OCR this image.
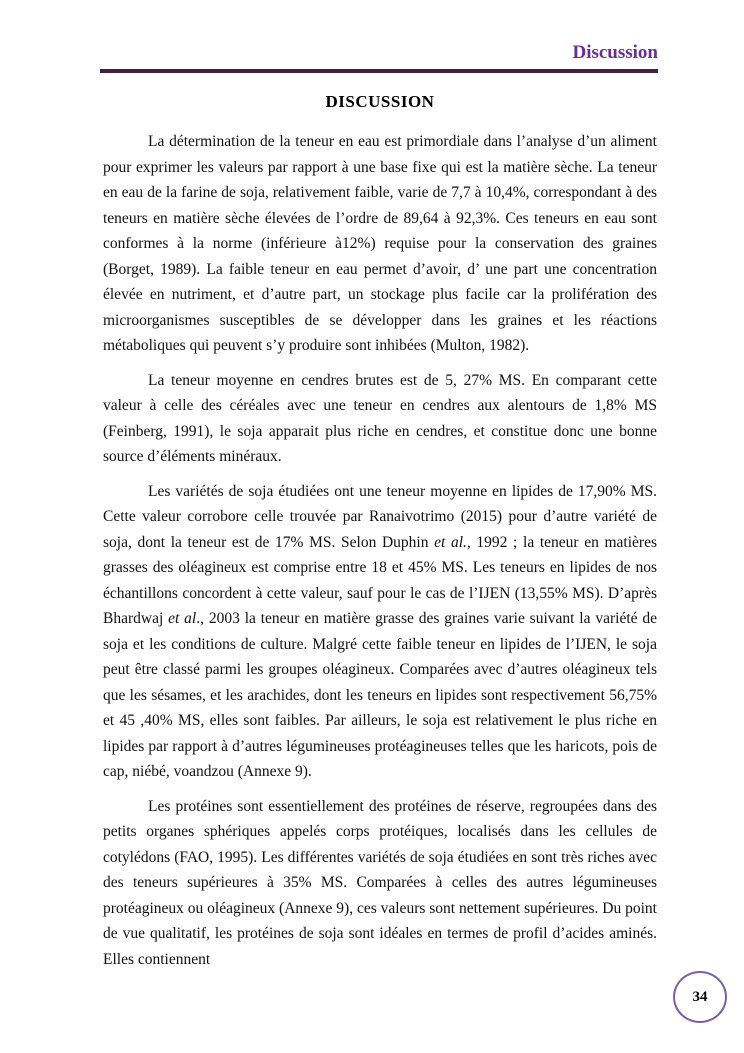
Discussion
DISCUSSION

La détermination de la teneur en eau est primordiale dans l’analyse d’un aliment pour exprimer les valeurs par rapport à une base fixe qui est la matière sèche. La teneur en eau de la farine de soja, relativement faible, varie de 7,7 à 10,4%, correspondant à des teneurs en matière sèche élevées de l’ordre de 89,64 à 92,3%. Ces teneurs en eau sont conformes à la norme (inférieure à12%) requise pour la conservation des graines (Borget, 1989). La faible teneur en eau permet d’avoir, d’ une part une concentration élevée en nutriment, et d’autre part, un stockage plus facile car la prolifération des microorganismes susceptibles de se développer dans les graines et les réactions métaboliques qui peuvent s’y produire sont inhibées (Multon, 1982).

La teneur moyenne en cendres brutes est de 5, 27% MS. En comparant cette valeur à celle des céréales avec une teneur en cendres aux alentours de 1,8% MS (Feinberg, 1991), le soja apparait plus riche en cendres, et constitue donc une bonne source d’éléments minéraux.

Les variétés de soja étudiées ont une teneur moyenne en lipides de 17,90% MS. Cette valeur corrobore celle trouvée par Ranaivotrimo (2015) pour d’autre variété de soja, dont la teneur est de 17% MS. Selon Duphin et al., 1992 ; la teneur en matières grasses des oléagineux est comprise entre 18 et 45% MS. Les teneurs en lipides de nos échantillons concordent à cette valeur, sauf pour le cas de l’IJEN (13,55% MS). D’après Bhardwaj et al., 2003 la teneur en matière grasse des graines varie suivant la variété de soja et les conditions de culture. Malgré cette faible teneur en lipides de l’IJEN, le soja peut être classé parmi les groupes oléagineux. Comparées avec d’autres oléagineux tels que les sésames, et les arachides, dont les teneurs en lipides sont respectivement 56,75% et 45 ,40% MS, elles sont faibles. Par ailleurs, le soja est relativement le plus riche en lipides par rapport à d’autres légumineuses protéagineuses telles que les haricots, pois de cap, niébé, voandzou (Annexe 9).

Les protéines sont essentiellement des protéines de réserve, regroupées dans des petits organes sphériques appelés corps protéiques, localisés dans les cellules de cotylédons (FAO, 1995). Les différentes variétés de soja étudiées en sont très riches avec des teneurs supérieures à 35% MS. Comparées à celles des autres légumineuses protéagineux ou oléagineux (Annexe 9), ces valeurs sont nettement supérieures. Du point de vue qualitatif, les protéines de soja sont idéales en termes de profil d’acides aminés. Elles contiennent

34
